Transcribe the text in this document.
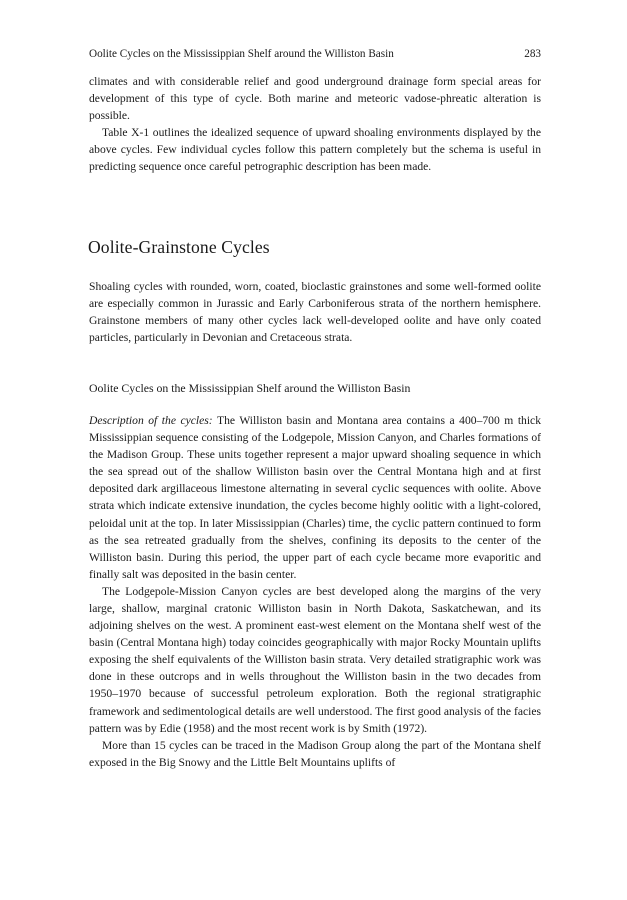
Oolite Cycles on the Mississippian Shelf around the Williston Basin	283

climates and with considerable relief and good underground drainage form special areas for development of this type of cycle. Both marine and meteoric vadose-phreatic alteration is possible.

Table X-1 outlines the idealized sequence of upward shoaling environments displayed by the above cycles. Few individual cycles follow this pattern completely but the schema is useful in predicting sequence once careful petrographic description has been made.

Oolite-Grainstone Cycles

Shoaling cycles with rounded, worn, coated, bioclastic grainstones and some well-formed oolite are especially common in Jurassic and Early Carboniferous strata of the northern hemisphere. Grainstone members of many other cycles lack well-developed oolite and have only coated particles, particularly in Devonian and Cretaceous strata.

Oolite Cycles on the Mississippian Shelf around the Williston Basin

Description of the cycles: The Williston basin and Montana area contains a 400–700 m thick Mississippian sequence consisting of the Lodgepole, Mission Canyon, and Charles formations of the Madison Group. These units together represent a major upward shoaling sequence in which the sea spread out of the shallow Williston basin over the Central Montana high and at first deposited dark argillaceous limestone alternating in several cyclic sequences with oolite. Above strata which indicate extensive inundation, the cycles become highly oolitic with a light-colored, peloidal unit at the top. In later Mississippian (Charles) time, the cyclic pattern continued to form as the sea retreated gradually from the shelves, confining its deposits to the center of the Williston basin. During this period, the upper part of each cycle became more evaporitic and finally salt was deposited in the basin center.

The Lodgepole-Mission Canyon cycles are best developed along the margins of the very large, shallow, marginal cratonic Williston basin in North Dakota, Saskatchewan, and its adjoining shelves on the west. A prominent east-west element on the Montana shelf west of the basin (Central Montana high) today coincides geographically with major Rocky Mountain uplifts exposing the shelf equivalents of the Williston basin strata. Very detailed stratigraphic work was done in these outcrops and in wells throughout the Williston basin in the two decades from 1950–1970 because of successful petroleum exploration. Both the regional stratigraphic framework and sedimentological details are well understood. The first good analysis of the facies pattern was by Edie (1958) and the most recent work is by Smith (1972).

More than 15 cycles can be traced in the Madison Group along the part of the Montana shelf exposed in the Big Snowy and the Little Belt Mountains uplifts of
